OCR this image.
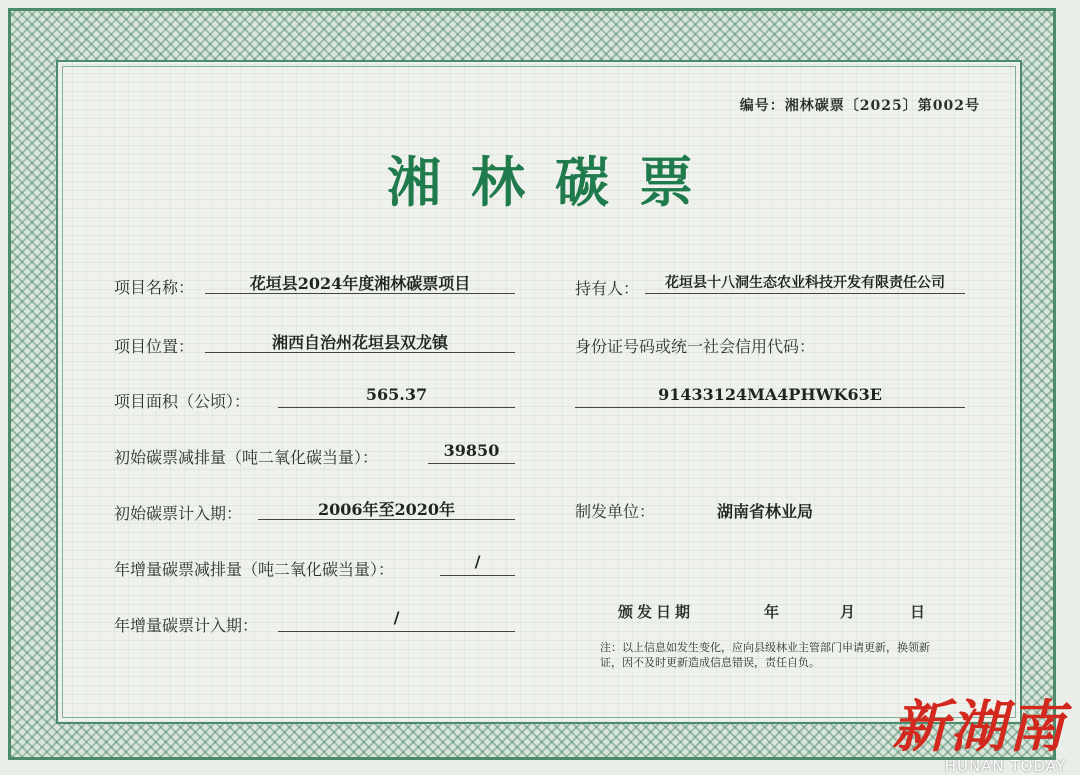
编号：湘林碳票〔2025〕第002号
湘林碳票
项目名称：	花垣县2024年度湘林碳票项目
项目位置：	湘西自治州花垣县双龙镇
项目面积（公顷）：	565.37
初始碳票减排量（吨二氧化碳当量）：	39850
初始碳票计入期：	2006年至2020年
年增量碳票减排量（吨二氧化碳当量）：	/
年增量碳票计入期：	/
持有人：	花垣县十八洞生态农业科技开发有限责任公司
身份证号码或统一社会信用代码：
91433124MA4PHWK63E
制发单位：	湖南省林业局
颁发日期	年	月	日
注：以上信息如发生变化，应向县级林业主管部门申请更新，换领新证，因不及时更新造成信息错误，责任自负。
新湖南
HUNAN TODAY
